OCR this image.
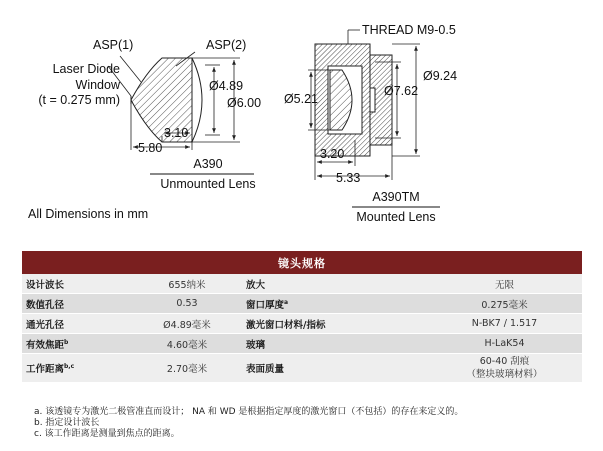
ASP(1)	ASP(2)
Laser Diode
Window
(t = 0.275 mm)
Ø4.89
Ø6.00
3.10
5.80
A390
Unmounted Lens
THREAD M9-0.5
Ø5.21
Ø7.62
Ø9.24
3.20
5.33
A390TM
Mounted Lens
All Dimensions in mm
镜头规格			
设计波长	655纳米	放大	无限
数值孔径	0.53	窗口厚度$^a$	0.275毫米
通光孔径	Ø4.89毫米	激光窗口材料/指标	N-BK7 / 1.517
有效焦距$^b$	4.60毫米	玻璃	H-LaK54
工作距离$^{b,c}$	2.70毫米	表面质量	60-40 刮痕
（整块玻璃材料）
a. 该透镜专为激光二极管准直而设计； NA 和 WD 是根据指定厚度的激光窗口（不包括）的存在来定义的。
b. 指定设计波长
c. 该工作距离是测量到焦点的距离。
